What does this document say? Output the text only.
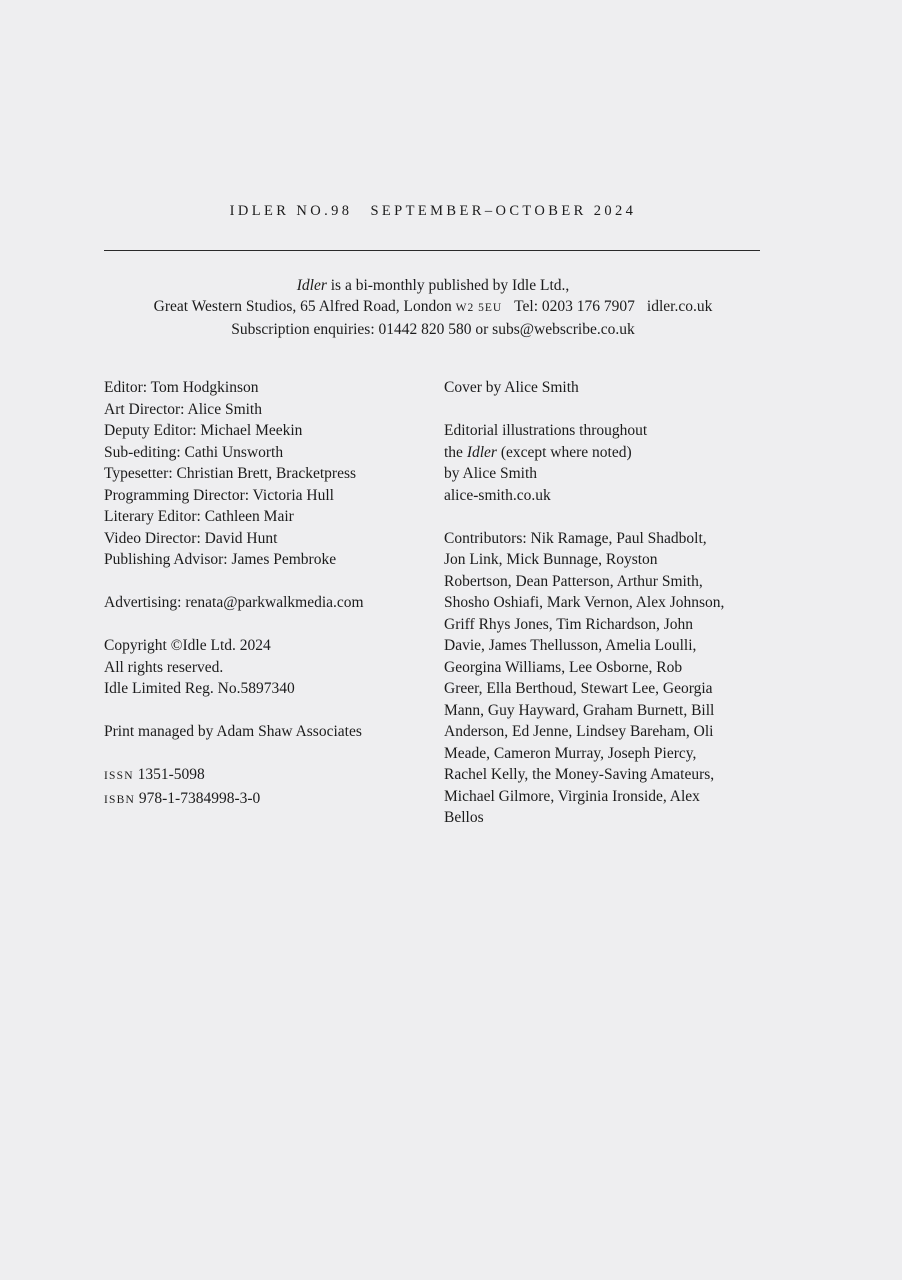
IDLER NO.98 SEPTEMBER–OCTOBER 2024
Idler is a bi-monthly published by Idle Ltd.,
Great Western Studios, 65 Alfred Road, London W2 5EU Tel: 0203 176 7907 idler.co.uk
Subscription enquiries: 01442 820 580 or subs@webscribe.co.uk
Editor: Tom Hodgkinson
Art Director: Alice Smith
Deputy Editor: Michael Meekin
Sub-editing: Cathi Unsworth
Typesetter: Christian Brett, Bracketpress
Programming Director: Victoria Hull
Literary Editor: Cathleen Mair
Video Director: David Hunt
Publishing Advisor: James Pembroke
Advertising: renata@parkwalkmedia.com
Copyright ©Idle Ltd. 2024
All rights reserved.
Idle Limited Reg. No.5897340
Print managed by Adam Shaw Associates
ISSN 1351-5098
ISBN 978-1-7384998-3-0
Cover by Alice Smith
Editorial illustrations throughout
the Idler (except where noted)
by Alice Smith
alice-smith.co.uk
Contributors: Nik Ramage, Paul Shadbolt,
Jon Link, Mick Bunnage, Royston
Robertson, Dean Patterson, Arthur Smith,
Shosho Oshiafi, Mark Vernon, Alex Johnson,
Griff Rhys Jones, Tim Richardson, John
Davie, James Thellusson, Amelia Loulli,
Georgina Williams, Lee Osborne, Rob
Greer, Ella Berthoud, Stewart Lee, Georgia
Mann, Guy Hayward, Graham Burnett, Bill
Anderson, Ed Jenne, Lindsey Bareham, Oli
Meade, Cameron Murray, Joseph Piercy,
Rachel Kelly, the Money-Saving Amateurs,
Michael Gilmore, Virginia Ironside, Alex
Bellos
